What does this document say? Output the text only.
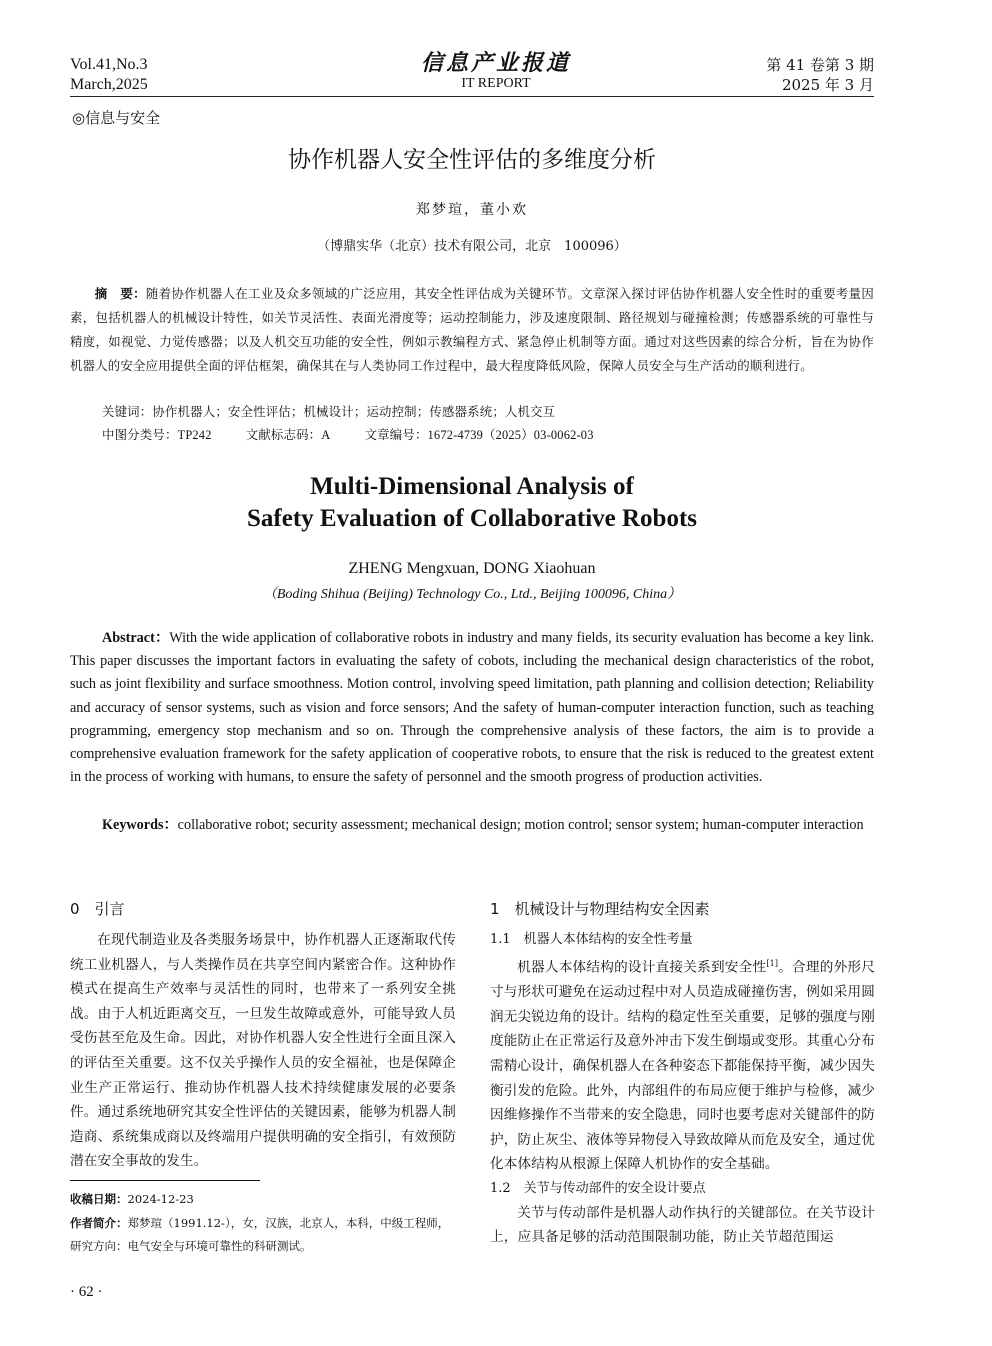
Vol.41,No.3
March,2025
信息产业报道
IT REPORT
第 41 卷第 3 期
2025 年 3 月
◎信息与安全
协作机器人安全性评估的多维度分析
郑梦瑄，董小欢
（博鼎实华（北京）技术有限公司，北京　100096）
摘　要：随着协作机器人在工业及众多领域的广泛应用，其安全性评估成为关键环节。文章深入探讨评估协作机器人安全性时的重要考量因素，包括机器人的机械设计特性，如关节灵活性、表面光滑度等；运动控制能力，涉及速度限制、路径规划与碰撞检测；传感器系统的可靠性与精度，如视觉、力觉传感器；以及人机交互功能的安全性，例如示教编程方式、紧急停止机制等方面。通过对这些因素的综合分析，旨在为协作机器人的安全应用提供全面的评估框架，确保其在与人类协同工作过程中，最大程度降低风险，保障人员安全与生产活动的顺利进行。
关键词：协作机器人；安全性评估；机械设计；运动控制；传感器系统；人机交互
中图分类号：TP242	文献标志码：A	文章编号：1672-4739（2025）03-0062-03
Multi-Dimensional Analysis of
Safety Evaluation of Collaborative Robots
ZHENG Mengxuan, DONG Xiaohuan
（Boding Shihua (Beijing) Technology Co., Ltd., Beijing 100096, China）
Abstract：With the wide application of collaborative robots in industry and many fields, its security evaluation has become a key link. This paper discusses the important factors in evaluating the safety of cobots, including the mechanical design characteristics of the robot, such as joint flexibility and surface smoothness. Motion control, involving speed limitation, path planning and collision detection; Reliability and accuracy of sensor systems, such as vision and force sensors; And the safety of human-computer interaction function, such as teaching programming, emergency stop mechanism and so on. Through the comprehensive analysis of these factors, the aim is to provide a comprehensive evaluation framework for the safety application of cooperative robots, to ensure that the risk is reduced to the greatest extent in the process of working with humans, to ensure the safety of personnel and the smooth progress of production activities.
Keywords：collaborative robot; security assessment; mechanical design; motion control; sensor system; human-computer interaction
0　引言
在现代制造业及各类服务场景中，协作机器人正逐渐取代传统工业机器人，与人类操作员在共享空间内紧密合作。这种协作模式在提高生产效率与灵活性的同时，也带来了一系列安全挑战。由于人机近距离交互，一旦发生故障或意外，可能导致人员受伤甚至危及生命。因此，对协作机器人安全性进行全面且深入的评估至关重要。这不仅关乎操作人员的安全福祉，也是保障企业生产正常运行、推动协作机器人技术持续健康发展的必要条件。通过系统地研究其安全性评估的关键因素，能够为机器人制造商、系统集成商以及终端用户提供明确的安全指引，有效预防潜在安全事故的发生。
收稿日期：2024-12-23
作者简介：郑梦瑄（1991.12-），女，汉族，北京人，本科，中级工程师，研究方向：电气安全与环境可靠性的科研测试。
1　机械设计与物理结构安全因素
1.1　机器人本体结构的安全性考量
机器人本体结构的设计直接关系到安全性[1]。合理的外形尺寸与形状可避免在运动过程中对人员造成碰撞伤害，例如采用圆润无尖锐边角的设计。结构的稳定性至关重要，足够的强度与刚度能防止在正常运行及意外冲击下发生倒塌或变形。其重心分布需精心设计，确保机器人在各种姿态下都能保持平衡，减少因失衡引发的危险。此外，内部组件的布局应便于维护与检修，减少因维修操作不当带来的安全隐患，同时也要考虑对关键部件的防护，防止灰尘、液体等异物侵入导致故障从而危及安全，通过优化本体结构从根源上保障人机协作的安全基础。
1.2　关节与传动部件的安全设计要点
关节与传动部件是机器人动作执行的关键部位。在关节设计上，应具备足够的活动范围限制功能，防止关节超范围运
· 62 ·
